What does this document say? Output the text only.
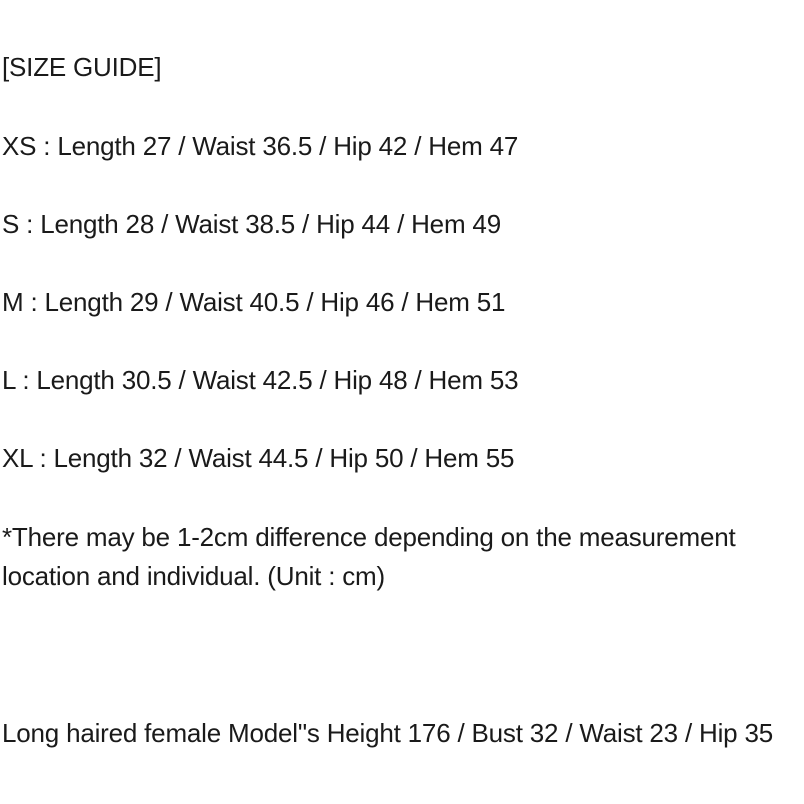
[SIZE GUIDE]

XS : Length 27 / Waist 36.5 / Hip 42 / Hem 47

S : Length 28 / Waist 38.5 / Hip 44 / Hem 49

M : Length 29 / Waist 40.5 / Hip 46 / Hem 51

L : Length 30.5 / Waist 42.5 / Hip 48 / Hem 53

XL : Length 32 / Waist 44.5 / Hip 50 / Hem 55

*There may be 1-2cm difference depending on the measurement location and individual. (Unit : cm)

Long haired female Model"s Height 176 / Bust 32 / Waist 23 / Hip 35
